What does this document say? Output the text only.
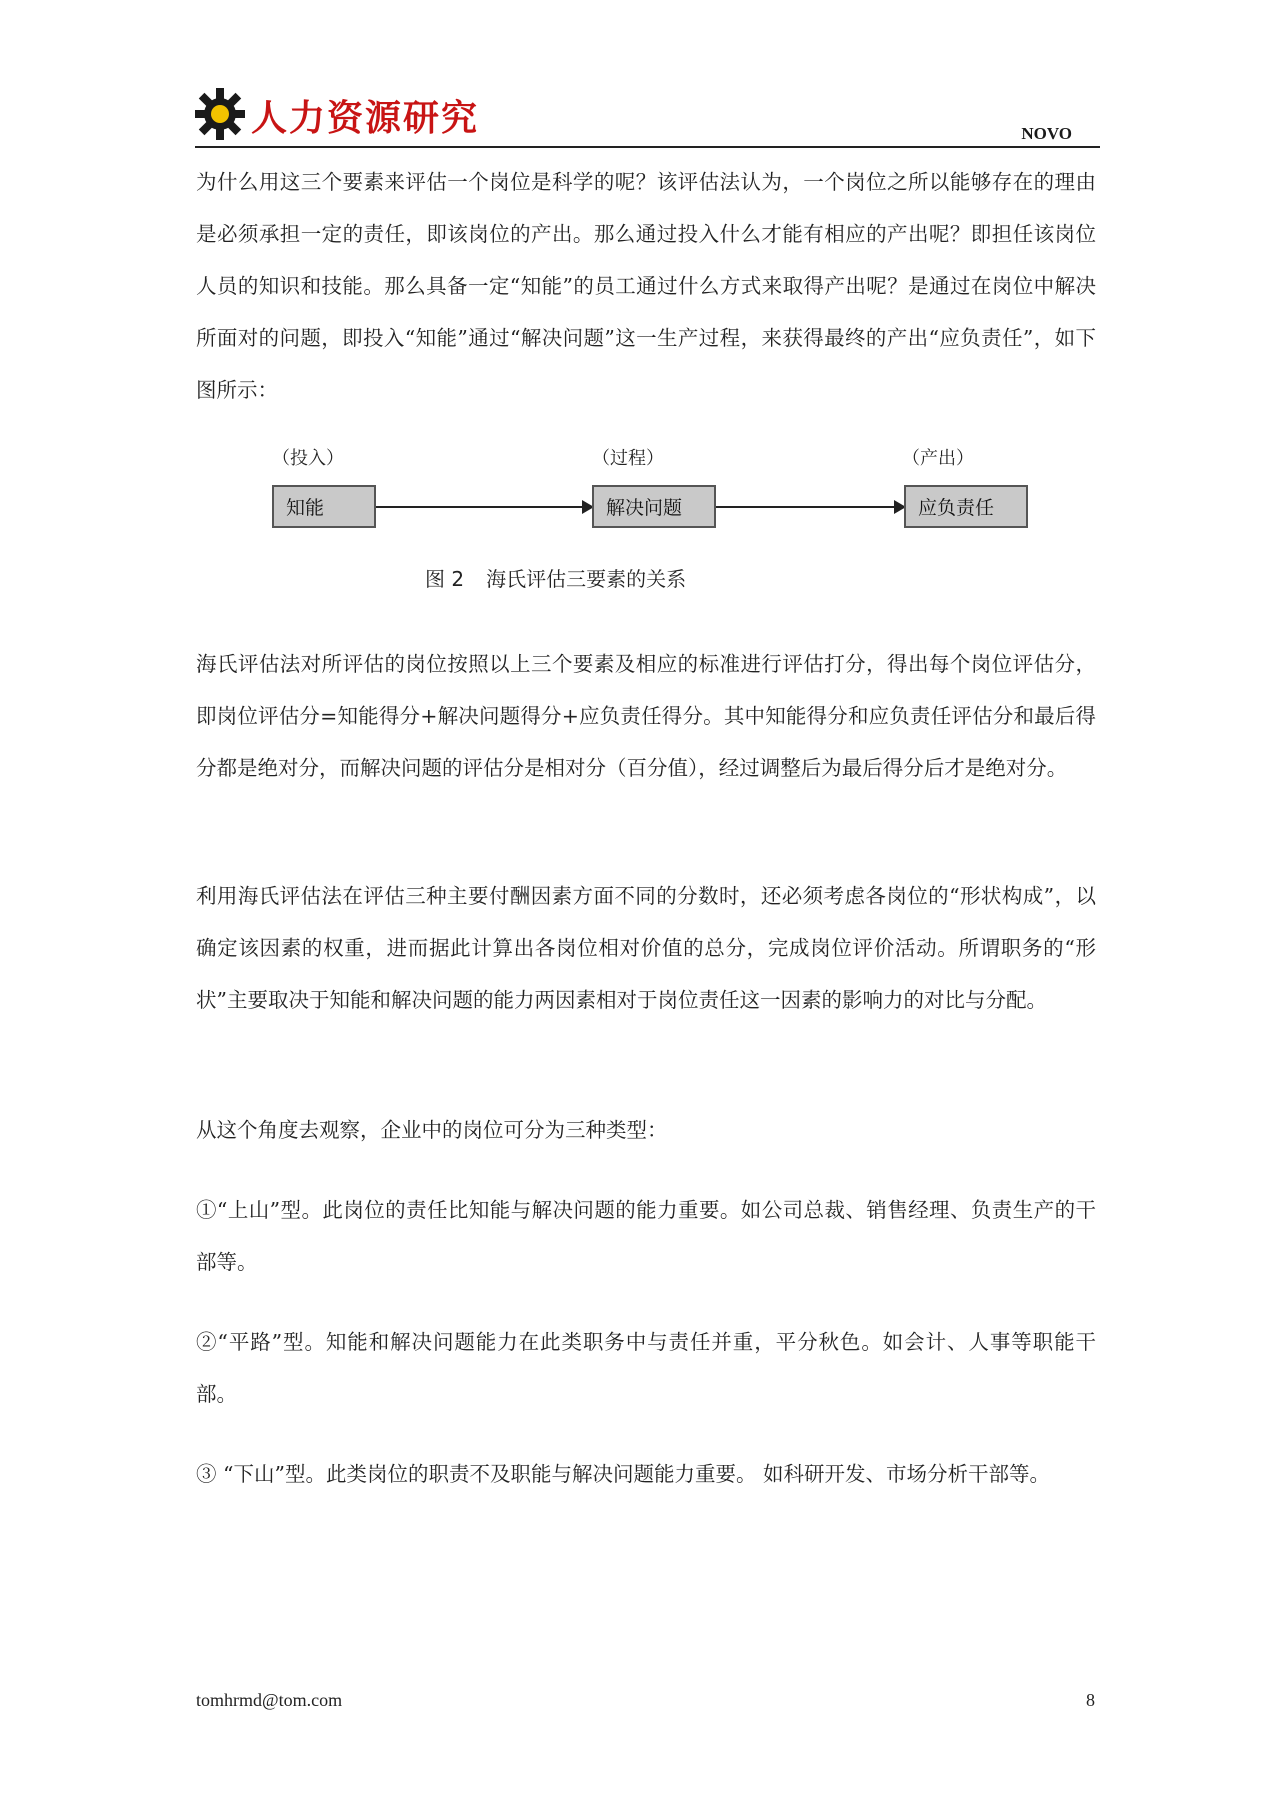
人力资源研究	NOVO

为什么用这三个要素来评估一个岗位是科学的呢？该评估法认为，一个岗位之所以能够存在的理由是必须承担一定的责任，即该岗位的产出。那么通过投入什么才能有相应的产出呢？即担任该岗位人员的知识和技能。那么具备一定“知能”的员工通过什么方式来取得产出呢？是通过在岗位中解决所面对的问题，即投入“知能”通过“解决问题”这一生产过程，来获得最终的产出“应负责任”，如下图所示：

（投入）	（过程）	（产出）
知能	解决问题	应负责任
图 2 海氏评估三要素的关系

海氏评估法对所评估的岗位按照以上三个要素及相应的标准进行评估打分，得出每个岗位评估分，即岗位评估分=知能得分+解决问题得分+应负责任得分。其中知能得分和应负责任评估分和最后得分都是绝对分，而解决问题的评估分是相对分（百分值），经过调整后为最后得分后才是绝对分。

利用海氏评估法在评估三种主要付酬因素方面不同的分数时，还必须考虑各岗位的“形状构成”，以确定该因素的权重，进而据此计算出各岗位相对价值的总分，完成岗位评价活动。所谓职务的“形状”主要取决于知能和解决问题的能力两因素相对于岗位责任这一因素的影响力的对比与分配。

从这个角度去观察，企业中的岗位可分为三种类型：

①“上山”型。此岗位的责任比知能与解决问题的能力重要。如公司总裁、销售经理、负责生产的干部等。

②“平路”型。知能和解决问题能力在此类职务中与责任并重，平分秋色。如会计、人事等职能干部。

③ “下山”型。此类岗位的职责不及职能与解决问题能力重要。 如科研开发、市场分析干部等。

tomhrmd@tom.com	8
